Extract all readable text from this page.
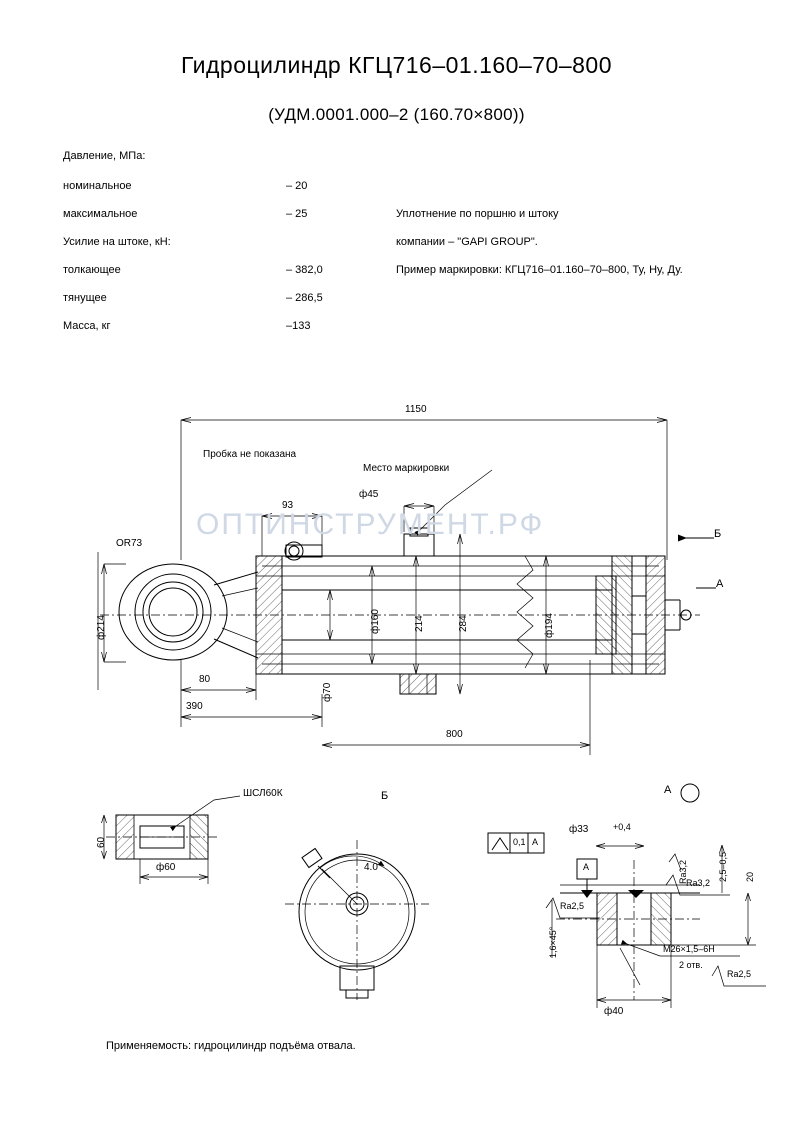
Гидроцилиндр КГЦ716–01.160–70–800
(УДМ.0001.000–2 (160.70×800))
Давление, МПа:
номинальное	– 20
максимальное	– 25
Усилие на штоке, кН:
толкающее	– 382,0
тянущее	– 286,5
Масса, кг	–133
Уплотнение по поршню и штоку
компании – "GAPI GROUP".
Пример маркировки: КГЦ716–01.160–70–800, Ту, Ну, Ду.
ОПТИНСТРУМЕНТ.РФ
1150
Пробка не показана
Место маркировки
93
ф45
ОR73
ф214	ф160	214	284	ф194
ф70
80
390
800
Б
А
ШСЛ60К
60
ф60
Б
4.0°
А
ф33	+0,4
0,1 A
A	Ra3,2
Ra3,2
Ra2,5
Ra2,5
2,5–0,5 20
1,6×45°	M26×1,5–6H
2 отв.
ф40
Применяемость: гидроцилиндр подъёма отвала.
